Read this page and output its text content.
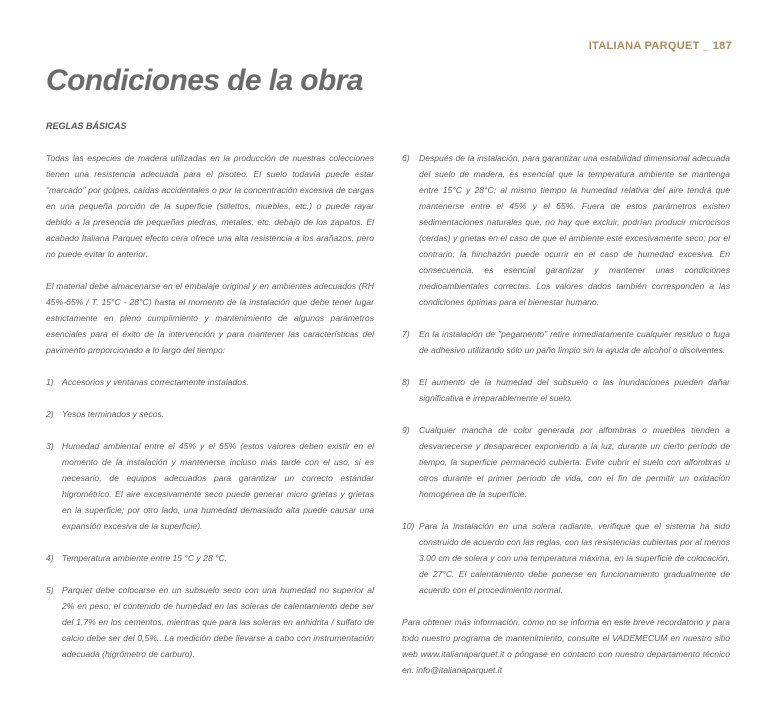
ITALIANA PARQUET _ 187
Condiciones de la obra
REGLAS BÁSICAS

Todas las especies de madera utilizadas en la producción de nuestras colecciones tienen una resistencia adecuada para el pisoteo. El suelo todavía puede estar "marcado" por golpes, caídas accidentales o por la concentración excesiva de cargas en una pequeña porción de la superficie (stilettos, muebles, etc.) o puede rayar debido a la presencia de pequeñas piedras, metales, etc. debajo de los zapatos. El acabado Italiana Parquet efecto cera ofrece una alta resistencia a los arañazos, pero no puede evitar lo anterior.

El material debe almacenarse en el embalaje original y en ambientes adecuados (RH 45%-65% / T. 15°C - 28°C) hasta el momento de la instalación que debe tener lugar estrictamente en pleno cumplimiento y mantenimiento de algunos parámetros esenciales para el éxito de la intervención y para mantener las características del pavimento proporcionado a lo largo del tiempo:

1) Accesorios y ventanas correctamente instalados.
2) Yesos terminados y secos.
3) Humedad ambiental entre el 45% y el 65% (estos valores deben existir en el momento de la instalación y mantenerse incluso más tarde con el uso, si es necesario, de equipos adecuados para garantizar un correcto estándar higrométrico. El aire excesivamente seco puede generar micro grietas y grietas en la superficie; por otro lado, una humedad demasiado alta puede causar una expansión excesiva de la superficie).
4) Temperatura ambiente entre 15 °C y 28 °C.
5) Parquet debe colocarse en un subsuelo seco con una humedad no superior al 2% en peso; el contenido de humedad en las soleras de calentamiento debe ser del 1,7% en los cementos, mientras que para las soleras en anhidrita / sulfato de calcio debe ser del 0,5%.. La medición debe llevarse a cabo con instrumentación adecuada (higrómetro de carburo).
6) Después de la instalación, para garantizar una estabilidad dimensional adecuada del suelo de madera, es esencial que la temperatura ambiente se mantenga entre 15°C y 28°C; al mismo tiempo la humedad relativa del aire tendrá que mantenerse entre el 45% y el 65%. Fuera de estos parámetros existen sedimentaciones naturales que, no hay que excluir, podrían producir microcisos (cerdas) y grietas en el caso de que el ambiente esté excesivamente seco; por el contrario, la hinchazón puede ocurrir en el caso de humedad excesiva. En consecuencia, es esencial garantizar y mantener unas condiciones medioambientales correctas. Los valores dados también corresponden a las condiciones óptimas para el bienestar humano.
7) En la instalación de "pegamento" retire inmediatamente cualquier residuo o fuga de adhesivo utilizando sólo un paño limpio sin la ayuda de alcohol o disolventes.
8) El aumento de la humedad del subsuelo o las inundaciones pueden dañar significativa e irreparablemente el suelo.
9) Cualquier mancha de color generada por alfombras o muebles tienden a desvanecerse y desaparecer exponiendo a la luz, durante un cierto período de tiempo, la superficie permaneció cubierta. Evite cubrir el suelo con alfombras u otros durante el primer período de vida, con el fin de permitir un oxidación homogénea de la superficie.
10) Para la instalación en una solera radiante, verifique que el sistema ha sido construido de acuerdo con las reglas, con las resistencias cubiertas por al menos 3.00 cm de solera y con una temperatura máxima, en la superficie de colocación, de 27°C. El calentamiento debe ponerse en funcionamiento gradualmente de acuerdo con el procedimiento normal.

Para obtener más información, como no se informa en este breve recordatorio y para todo nuestro programa de mantenimiento, consulte el VADEMECUM en nuestro sitio web www.italianaparquet.it o póngase en contacto con nuestro departamento técnico en: info@italianaparquet.it
